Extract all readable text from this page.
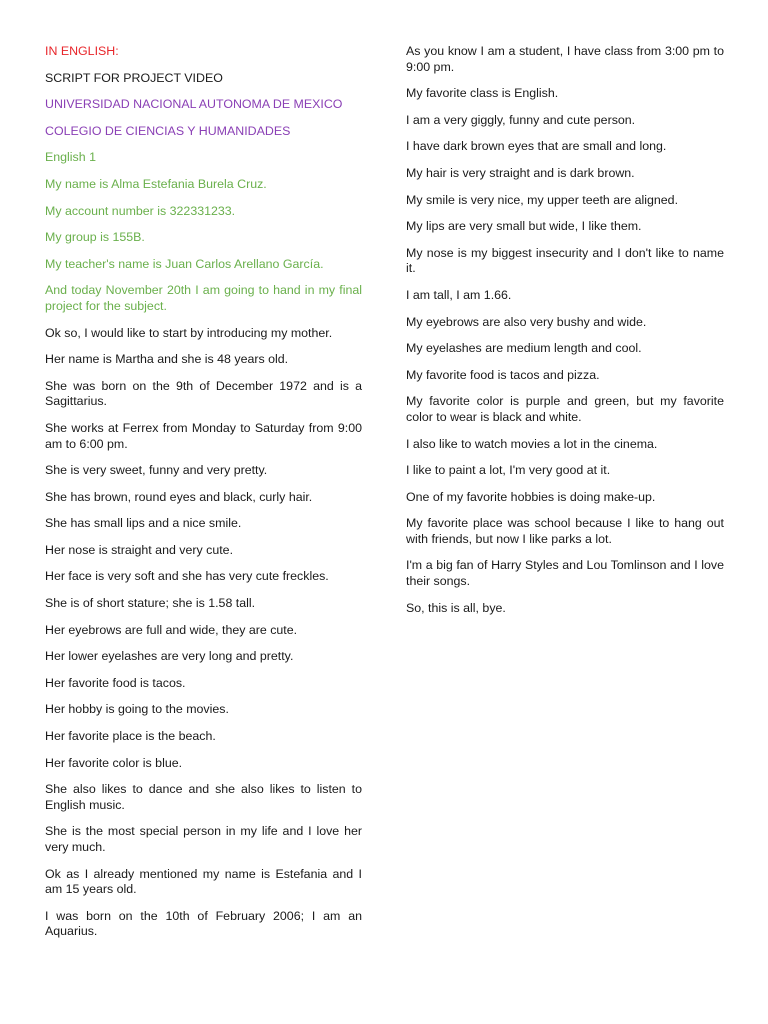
IN ENGLISH:

SCRIPT FOR PROJECT VIDEO

UNIVERSIDAD NACIONAL AUTONOMA DE MEXICO

COLEGIO DE CIENCIAS Y HUMANIDADES

English 1

My name is Alma Estefania Burela Cruz.

My account number is 322331233.

My group is 155B.

My teacher's name is Juan Carlos Arellano García.

And today November 20th I am going to hand in my final project for the subject.

Ok so, I would like to start by introducing my mother.

Her name is Martha and she is 48 years old.

She was born on the 9th of December 1972 and is a Sagittarius.

She works at Ferrex from Monday to Saturday from 9:00 am to 6:00 pm.

She is very sweet, funny and very pretty.

She has brown, round eyes and black, curly hair.

She has small lips and a nice smile.

Her nose is straight and very cute.

Her face is very soft and she has very cute freckles.

She is of short stature; she is 1.58 tall.

Her eyebrows are full and wide, they are cute.

Her lower eyelashes are very long and pretty.

Her favorite food is tacos.

Her hobby is going to the movies.

Her favorite place is the beach.

Her favorite color is blue.

She also likes to dance and she also likes to listen to English music.

She is the most special person in my life and I love her very much.

Ok as I already mentioned my name is Estefania and I am 15 years old.

I was born on the 10th of February 2006; I am an Aquarius.

As you know I am a student, I have class from 3:00 pm to 9:00 pm.

My favorite class is English.

I am a very giggly, funny and cute person.

I have dark brown eyes that are small and long.

My hair is very straight and is dark brown.

My smile is very nice, my upper teeth are aligned.

My lips are very small but wide, I like them.

My nose is my biggest insecurity and I don't like to name it.

I am tall, I am 1.66.

My eyebrows are also very bushy and wide.

My eyelashes are medium length and cool.

My favorite food is tacos and pizza.

My favorite color is purple and green, but my favorite color to wear is black and white.

I also like to watch movies a lot in the cinema.

I like to paint a lot, I'm very good at it.

One of my favorite hobbies is doing make-up.

My favorite place was school because I like to hang out with friends, but now I like parks a lot.

I'm a big fan of Harry Styles and Lou Tomlinson and I love their songs.

So, this is all, bye.
